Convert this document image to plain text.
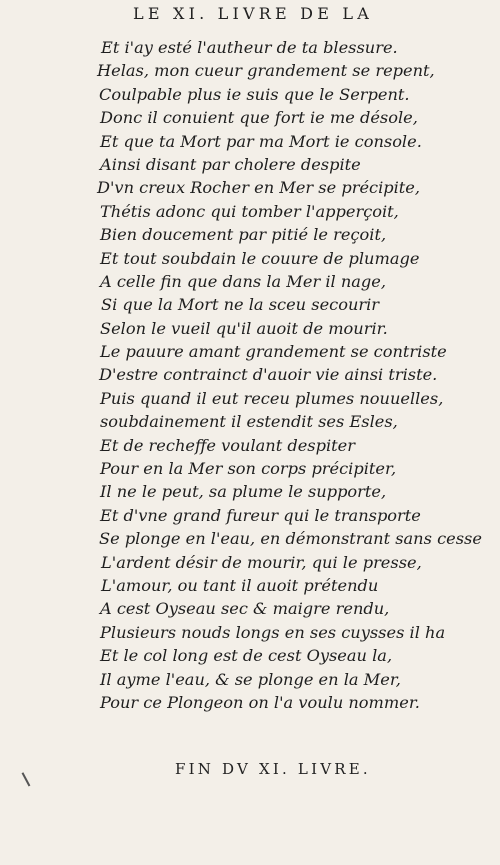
LE XI. LIVRE DE LA
Et i'ay esté l'autheur de ta blessure.
Helas, mon cueur grandement se repent,
Coulpable plus ie suis que le Serpent.
Donc il conuient que fort ie me désole,
Et que ta Mort par ma Mort ie console.
Ainsi disant par cholere despite
D'vn creux Rocher en Mer se précipite,
Thétis adonc qui tomber l'apperçoit,
Bien doucement par pitié le reçoit,
Et tout soubdain le couure de plumage
A celle fin que dans la Mer il nage,
Si que la Mort ne la sceu secourir
Selon le vueil qu'il auoit de mourir.
Le pauure amant grandement se contriste
D'estre contrainct d'auoir vie ainsi triste.
Puis quand il eut receu plumes nouuelles,
soubdainement il estendit ses Esles,
Et de recheffe voulant despiter
Pour en la Mer son corps précipiter,
Il ne le peut, sa plume le supporte,
Et d'vne grand fureur qui le transporte
Se plonge en l'eau, en démonstrant sans cesse
L'ardent désir de mourir, qui le presse,
L'amour, ou tant il auoit prétendu
A cest Oyseau sec & maigre rendu,
Plusieurs nouds longs en ses cuysses il ha
Et le col long est de cest Oyseau la,
Il ayme l'eau, & se plonge en la Mer,
Pour ce Plongeon on l'a voulu nommer.
FIN DV XI. LIVRE.
